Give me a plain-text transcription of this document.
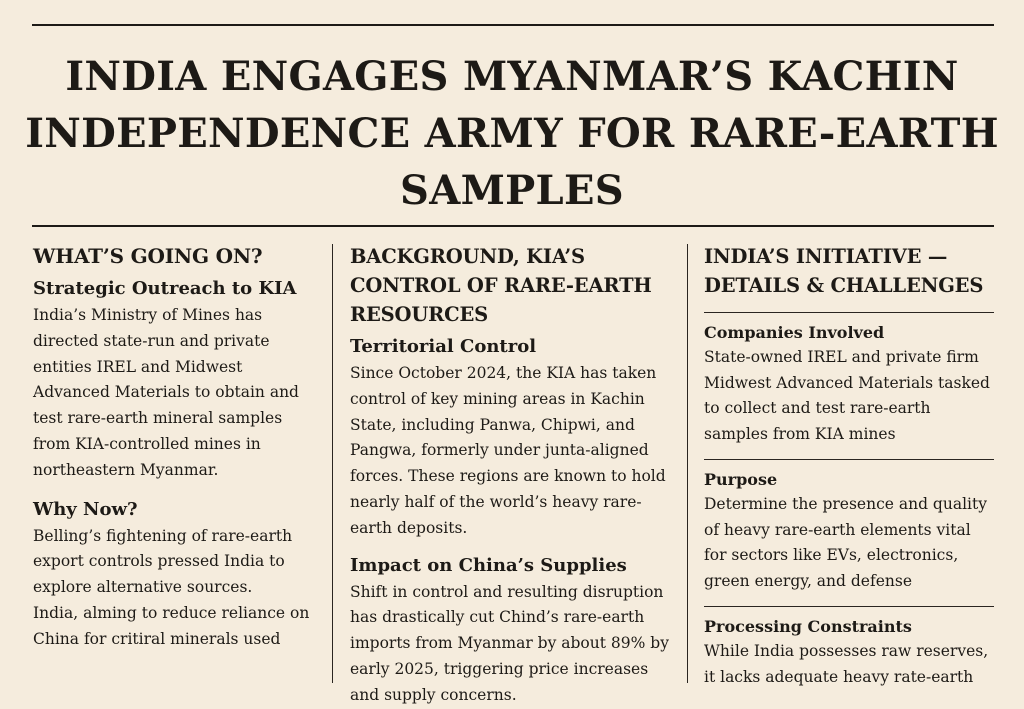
INDIA ENGAGES MYANMAR’S KACHIN INDEPENDENCE ARMY FOR RARE-EARTH SAMPLES
WHAT’S GOING ON?
Strategic Outreach to KIA

India’s Ministry of Mines has directed state-run and private entities IREL and Midwest Advanced Materials to obtain and test rare-earth mineral samples from KIA-controlled mines in northeastern Myanmar.

Why Now?

Belling’s fightening of rare-earth export controls pressed India to explore alternative sources.

India, alming to reduce reliance on China for critiral minerals used

BACKGROUND, KIA’S CONTROL OF RARE-EARTH RESOURCES
Territorial Control

Since October 2024, the KIA has taken control of key mining areas in Kachin State, including Panwa, Chipwi, and Pangwa, formerly under junta-aligned forces. These regions are known to hold nearly half of the world’s heavy rare-earth deposits.

Impact on China’s Supplies

Shift in control and resulting disruption has drastically cut Chind’s rare-earth imports from Myanmar by about 89% by early 2025, triggering price increases and supply concerns.

INDIA’S INITIATIVE — DETAILS & CHALLENGES
Companies Involved

State-owned IREL and private firm Midwest Advanced Materials tasked to collect and test rare-earth samples from KIA mines

Purpose

Determine the presence and quality of heavy rare-earth elements vital for sectors like EVs, electronics, green energy, and defense

Processing Constraints

While India possesses raw reserves, it lacks adequate heavy rate-earth
